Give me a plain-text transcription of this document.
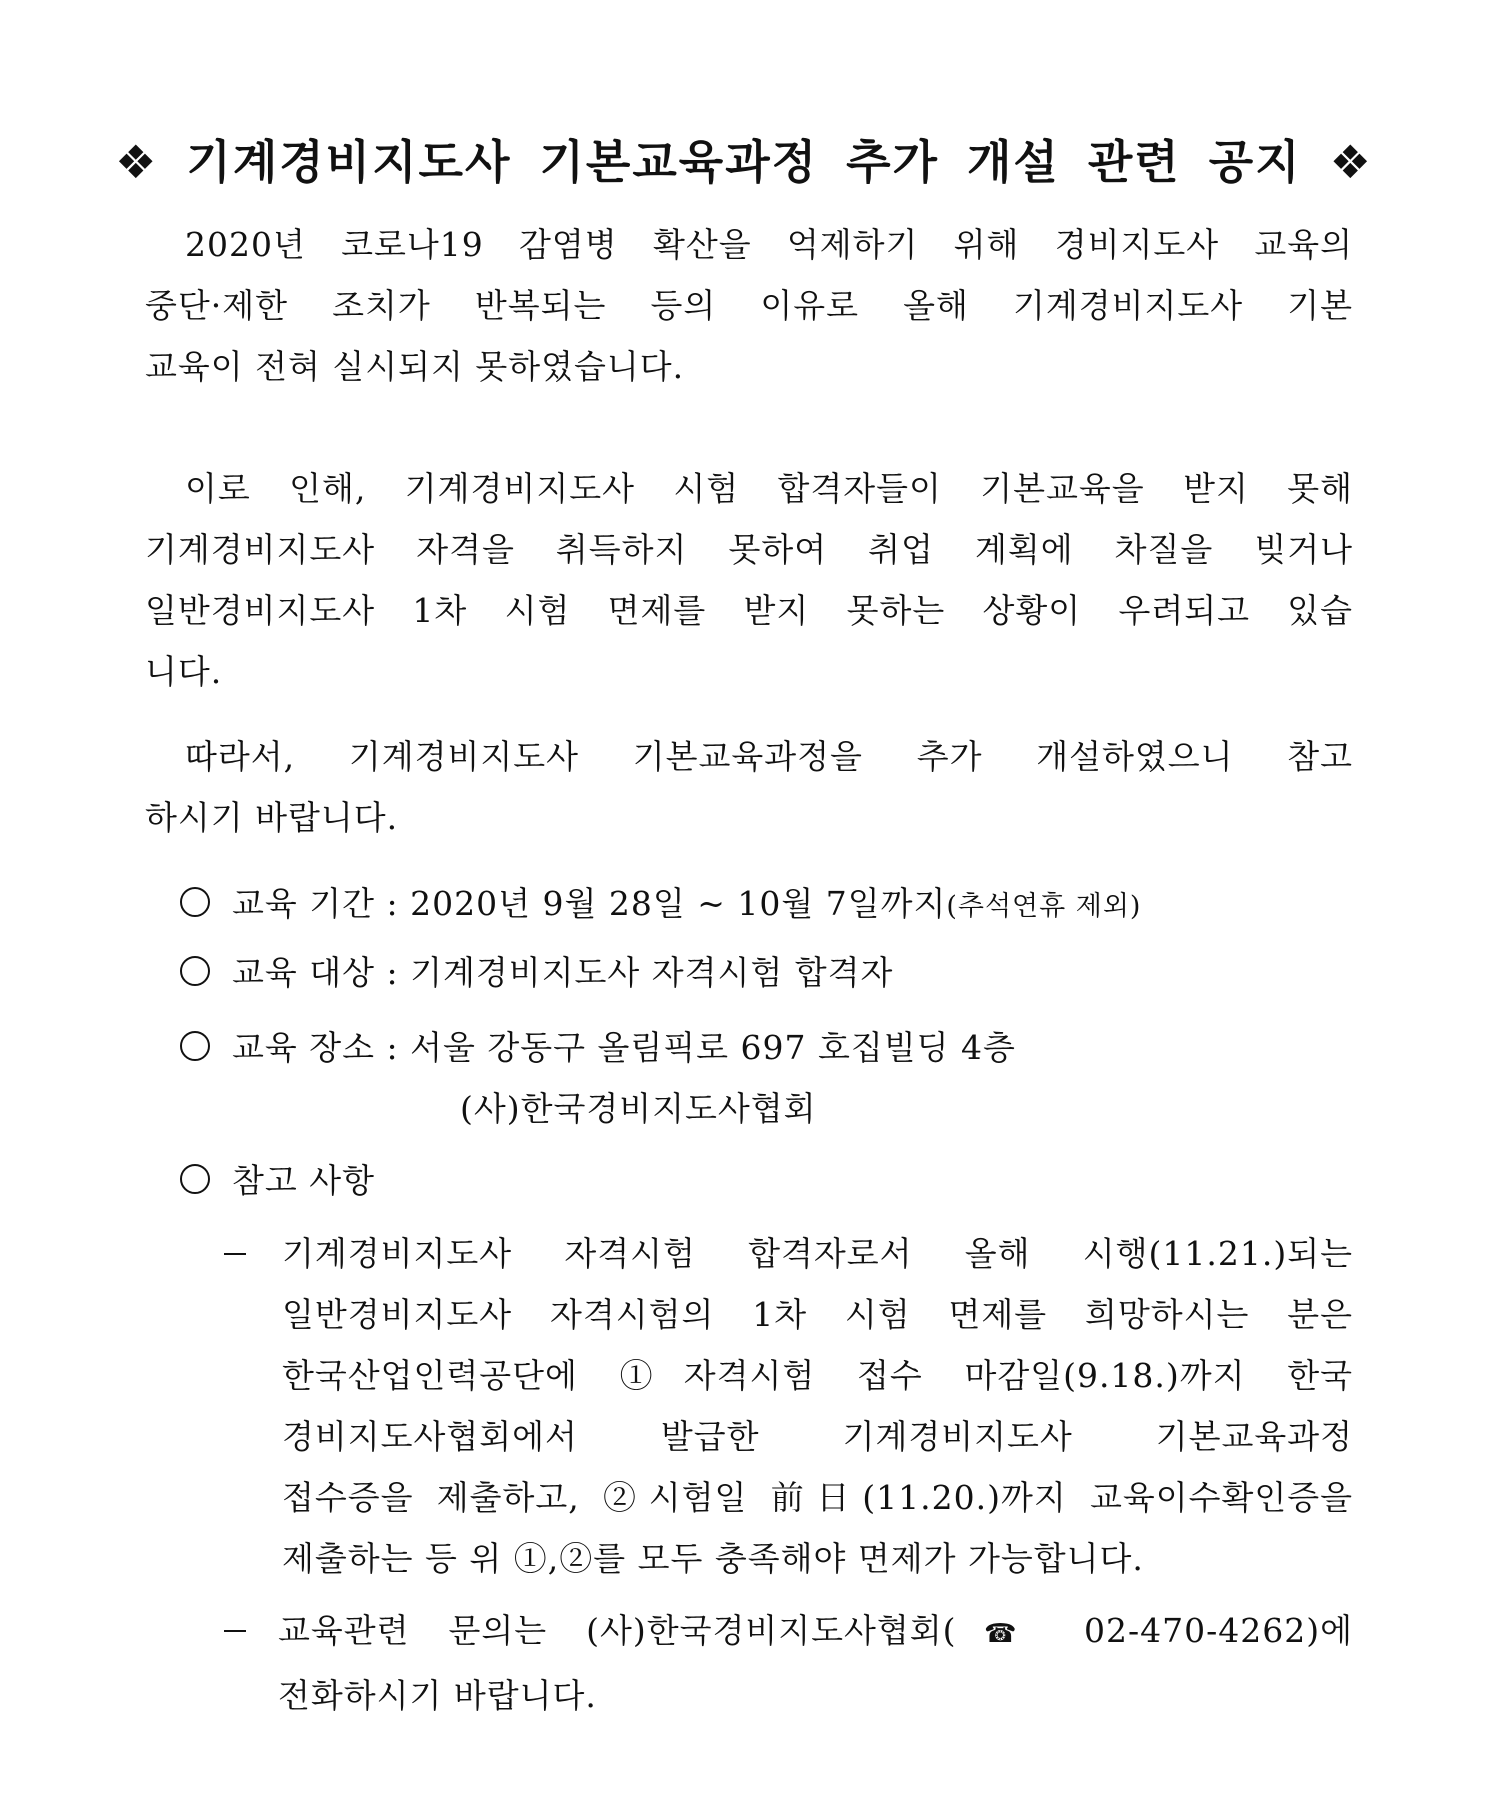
❖ 기계경비지도사 기본교육과정 추가 개설 관련 공지 ❖
2020년 코로나19 감염병 확산을 억제하기 위해 경비지도사 교육의
중단·제한 조치가 반복되는 등의 이유로 올해 기계경비지도사 기본
교육이 전혀 실시되지 못하였습니다.
이로 인해, 기계경비지도사 시험 합격자들이 기본교육을 받지 못해
기계경비지도사 자격을 취득하지 못하여 취업 계획에 차질을 빚거나
일반경비지도사 1차 시험 면제를 받지 못하는 상황이 우려되고 있습
니다.
따라서, 기계경비지도사 기본교육과정을 추가 개설하였으니 참고
하시기 바랍니다.
교육 기간 : 2020년 9월 28일 ~ 10월 7일까지(추석연휴 제외)
교육 대상 : 기계경비지도사 자격시험 합격자
교육 장소 : 서울 강동구 올림픽로 697 호집빌딩 4층
(사)한국경비지도사협회
참고 사항
기계경비지도사 자격시험 합격자로서 올해 시행(11.21.)되는
일반경비지도사 자격시험의 1차 시험 면제를 희망하시는 분은
한국산업인력공단에 ①자격시험 접수 마감일(9.18.)까지 한국
경비지도사협회에서 발급한 기계경비지도사 기본교육과정
접수증을 제출하고, ②시험일 前日(11.20.)까지 교육이수확인증을
제출하는 등 위 ①,②를 모두 충족해야 면제가 가능합니다.
교육관련 문의는 (사)한국경비지도사협회(☎ 02-470-4262)에
전화하시기 바랍니다.
